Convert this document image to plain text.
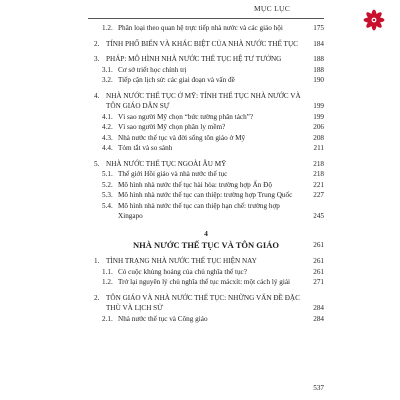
MỤC LỤC
1.2. Phân loại theo quan hệ trực tiếp nhà nước và các giáo hội	175
2. TÍNH PHỔ BIẾN VÀ KHÁC BIỆT CỦA NHÀ NƯỚC THẾ TỤC	184
3. PHÁP: MÔ HÌNH NHÀ NƯỚC THẾ TỤC HỆ TƯ TƯỞNG	188
3.1. Cơ sở triết học chính trị	188
3.2. Tiếp cận lịch sử: các giai đoạn và vấn đề	190
4. NHÀ NƯỚC THẾ TỤC Ở MỸ: TÍNH THẾ TỤC NHÀ NƯỚC VÀ TÔN GIÁO DÂN SỰ	199
4.1. Vì sao người Mỹ chọn “bức tường phân tách”?	199
4.2. Vì sao người Mỹ chọn phân ly mềm?	206
4.3. Nhà nước thế tục và đời sống tôn giáo ở Mỹ	208
4.4. Tóm tắt và so sánh	211
5. NHÀ NƯỚC THẾ TỤC NGOÀI ÂU MỸ	218
5.1. Thế giới Hồi giáo và nhà nước thế tục	218
5.2. Mô hình nhà nước thế tục hài hòa: trường hợp Ấn Độ	221
5.3. Mô hình nhà nước thế tục can thiệp: trường hợp Trung Quốc	227
5.4. Mô hình nhà nước thế tục can thiệp hạn chế: trường hợp Xingapo	245
4
NHÀ NƯỚC THẾ TỤC VÀ TÔN GIÁO	261
1. TÌNH TRẠNG NHÀ NƯỚC THẾ TỤC HIỆN NAY	261
1.1. Có cuộc khủng hoảng của chủ nghĩa thế tục?	261
1.2. Trở lại nguyên lý chủ nghĩa thế tục mácxít: một cách lý giải	271
2. TÔN GIÁO VÀ NHÀ NƯỚC THẾ TỤC: NHỮNG VẤN ĐỀ ĐẶC THÙ VÀ LỊCH SỬ	284
2.1. Nhà nước thế tục và Công giáo	284
537
